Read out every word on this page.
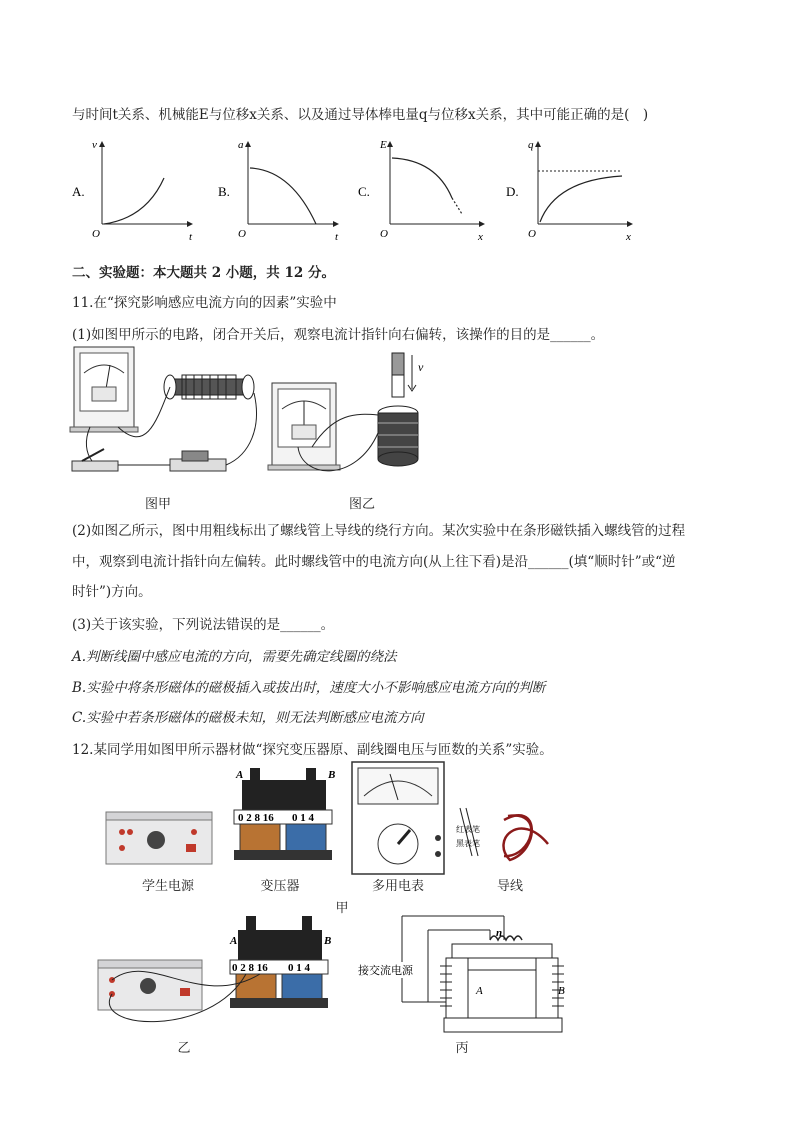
与时间t关系、机械能E与位移x关系、以及通过导体棒电量q与位移x关系，其中可能正确的是(　)
A.
v
t
O
B.
a
t
O
C.
E
x
O
D.
q
x
O
二、实验题：本大题共 2 小题，共 12 分。
11.在“探究影响感应电流方向的因素”实验中
(1)如图甲所示的电路，闭合开关后，观察电流计指针向右偏转，该操作的目的是______。
v
图甲	图乙
(2)如图乙所示，图中用粗线标出了螺线管上导线的绕行方向。某次实验中在条形磁铁插入螺线管的过程
中，观察到电流计指针向左偏转。此时螺线管中的电流方向(从上往下看)是沿______(填“顺时针”或“逆
时针”)方向。
(3)关于该实验，下列说法错误的是______。
A.判断线圈中感应电流的方向，需要先确定线圈的绕法
B.实验中将条形磁体的磁极插入或拔出时，速度大小不影响感应电流方向的判断
C.实验中若条形磁体的磁极未知，则无法判断感应电流方向
12.某同学用如图甲所示器材做“探究变压器原、副线圈电压与匝数的关系”实验。
0 2 8 16 0 1 4
A	B
红表笔
黑表笔
学生电源	变压器	多用电表	导线
甲
0 2 8 16 0 1 4
A	B
n
A	B
接交流电源
乙	丙
